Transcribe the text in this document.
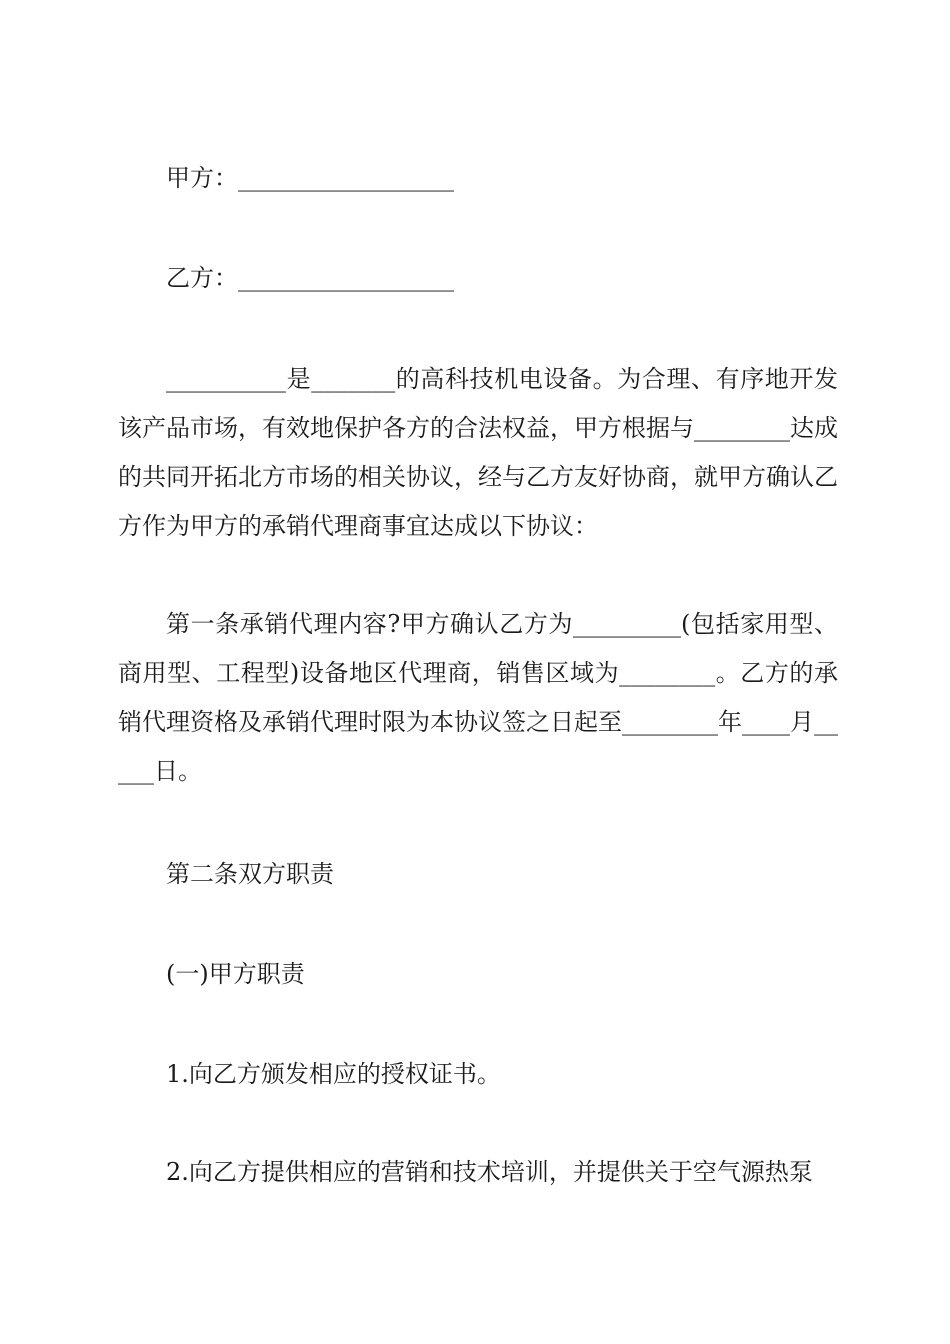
甲方：__________________
乙方：__________________
__________是_______的高科技机电设备。为合理、有序地开发该产品市场，有效地保护各方的合法权益，甲方根据与________达成的共同开拓北方市场的相关协议，经与乙方友好协商，就甲方确认乙方作为甲方的承销代理商事宜达成以下协议：
第一条承销代理内容?甲方确认乙方为_________(包括家用型、商用型、工程型)设备地区代理商，销售区域为________。乙方的承销代理资格及承销代理时限为本协议签之日起至________年____月_____日。
第二条双方职责
(一)甲方职责
1.向乙方颁发相应的授权证书。
2.向乙方提供相应的营销和技术培训，并提供关于空气源热泵
